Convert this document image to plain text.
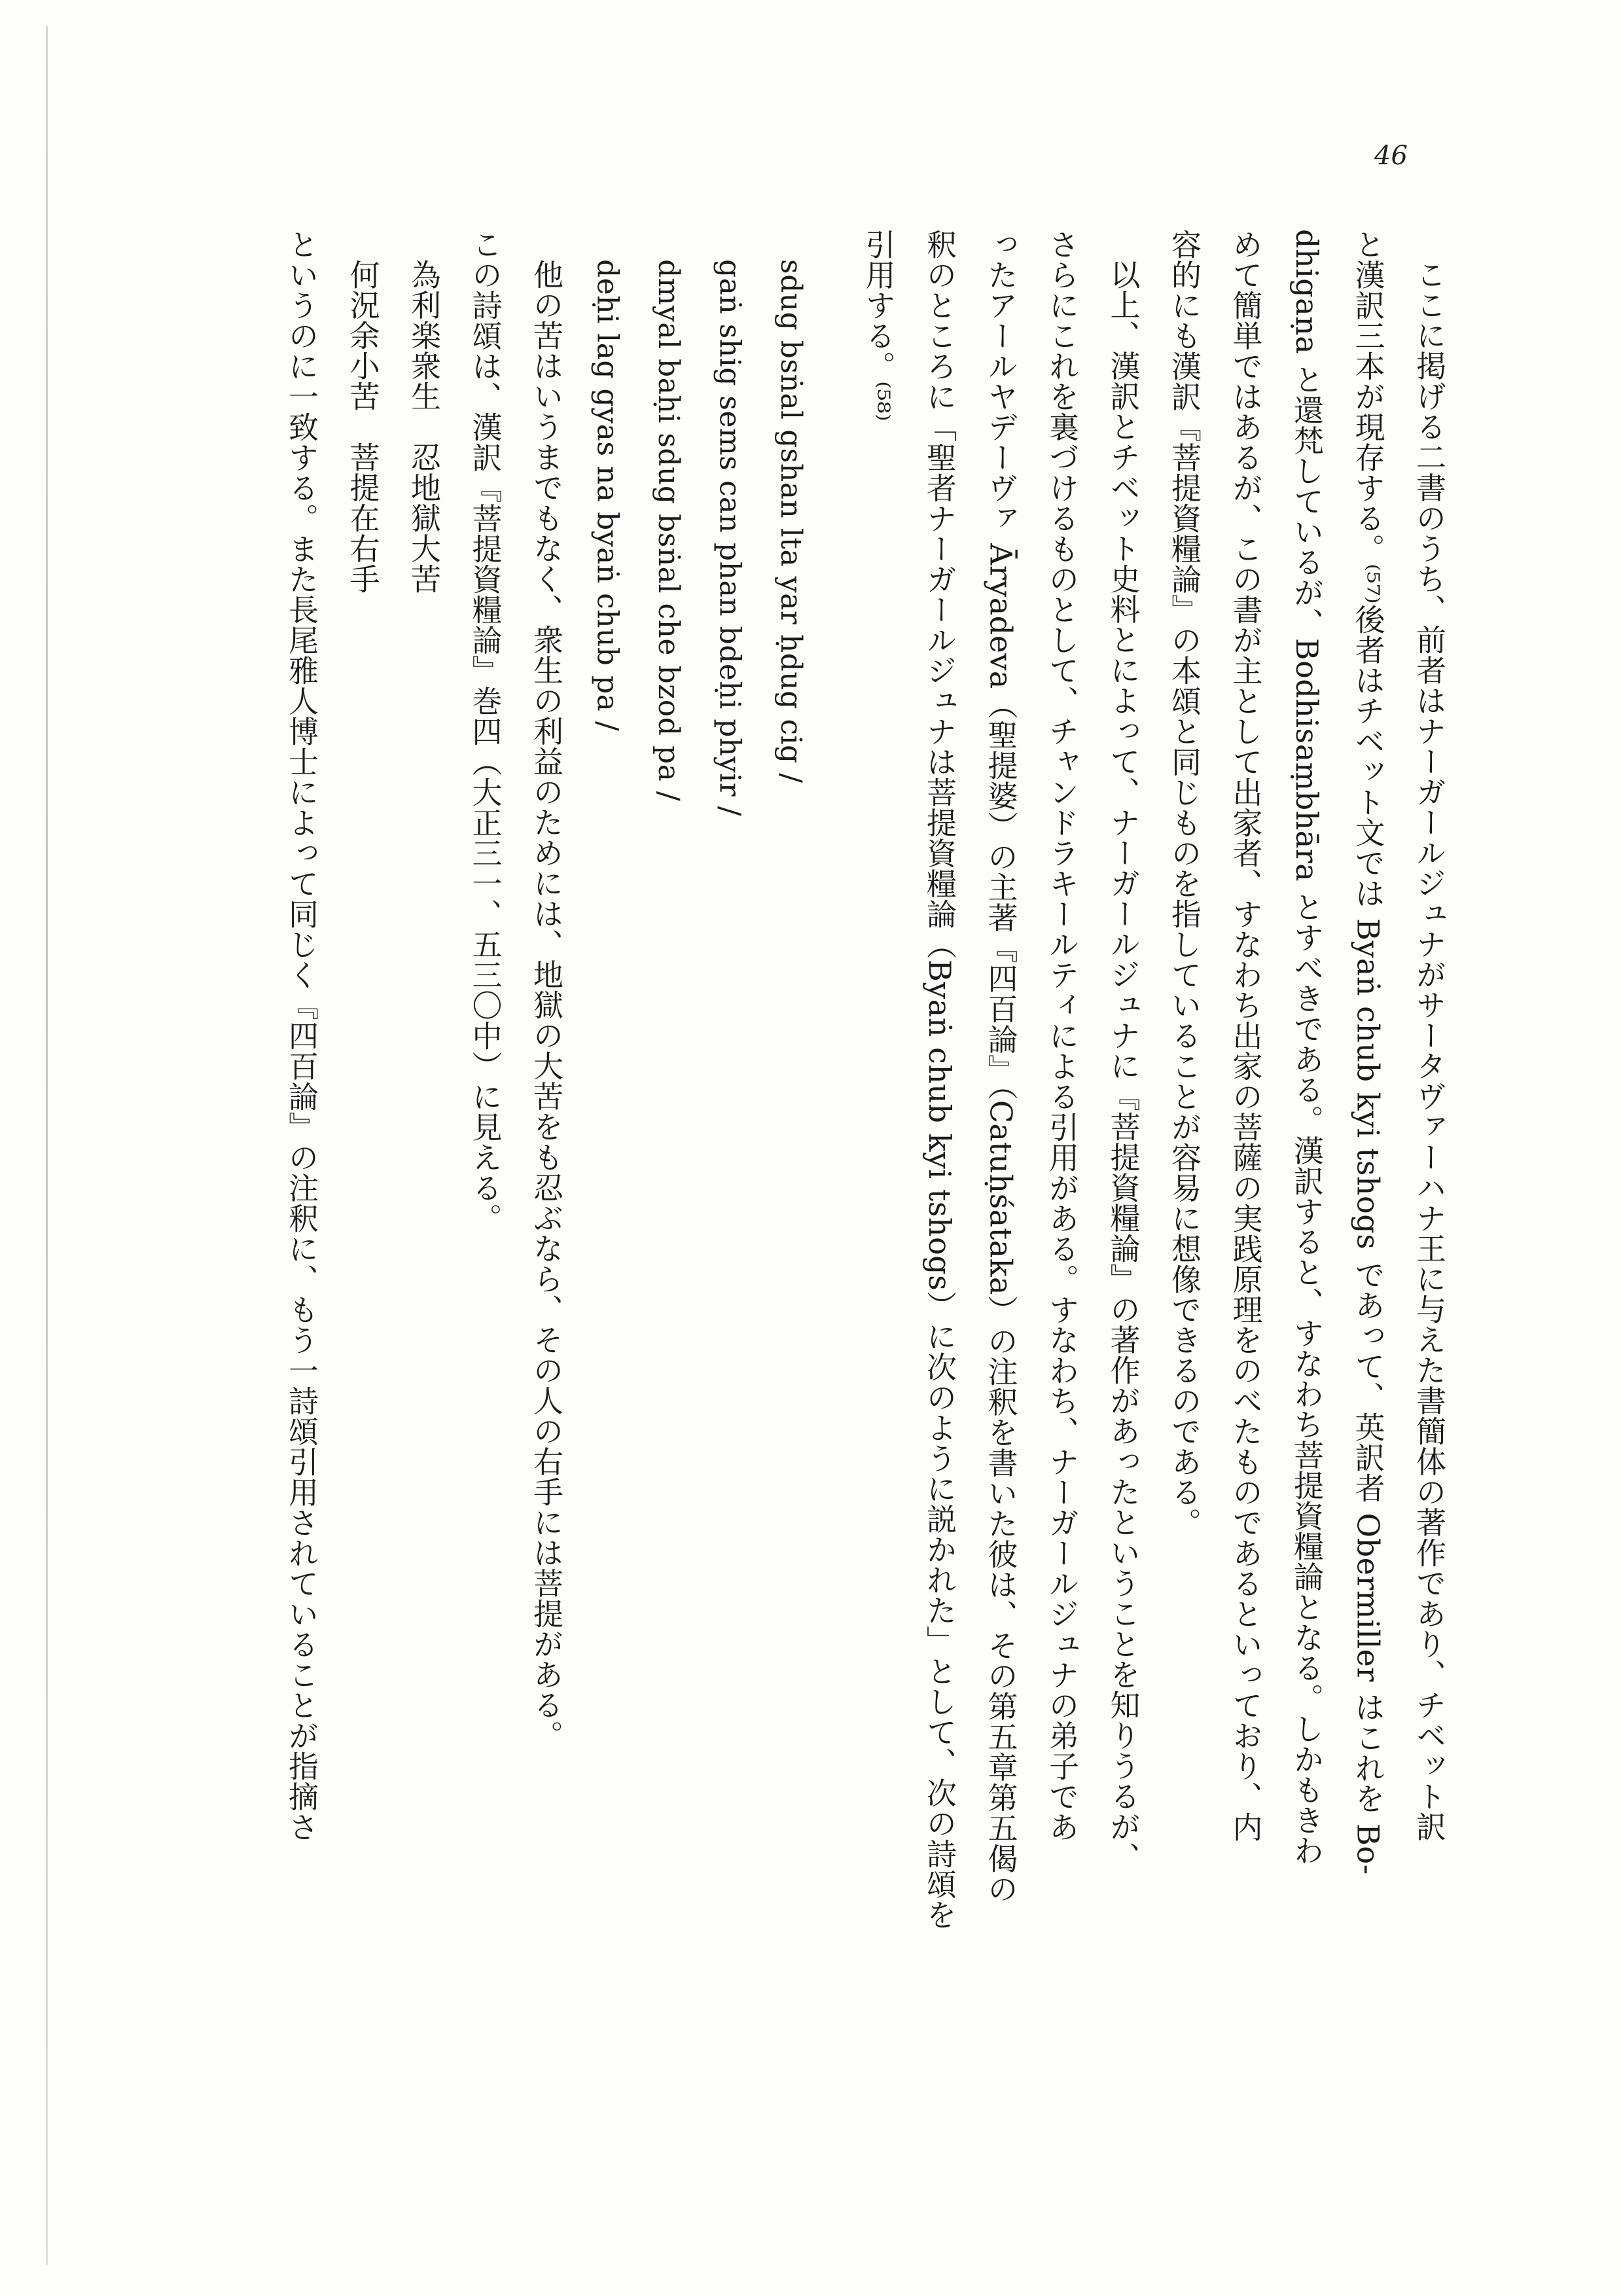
46
ここに掲げる二書のうち、前者はナーガールジュナがサータヴァーハナ王に与えた書簡体の著作であり、チベット訳
と漢訳三本が現存する。⁽⁵⁷⁾後者はチベット文では Byaṅ chub kyi tshogs であって、英訳者 Obermiller はこれを Bo-
dhigaṇa と還梵しているが、Bodhisaṃbhāra とすべきである。漢訳すると、すなわち菩提資糧論となる。しかもきわ
めて簡単ではあるが、この書が主として出家者、すなわち出家の菩薩の実践原理をのべたものであるといっており、内
容的にも漢訳『菩提資糧論』の本頌と同じものを指していることが容易に想像できるのである。
以上、漢訳とチベット史料とによって、ナーガールジュナに『菩提資糧論』の著作があったということを知りうるが、
さらにこれを裏づけるものとして、チャンドラキールティによる引用がある。すなわち、ナーガールジュナの弟子であ
ったアールヤデーヴァ Āryadeva（聖提婆）の主著『四百論』（Catuḥśataka）の注釈を書いた彼は、その第五章第五偈の
釈のところに「聖者ナーガールジュナは菩提資糧論（Byaṅ chub kyi tshogs）に次のように説かれた」として、次の詩頌を
引用する。⁽⁵⁸⁾
sdug bsṅal gshan lta yar ḥdug cig /
gaṅ shig sems can phan bdeḥi phyir /
dmyal baḥi sdug bsṅal che bzod pa /
deḥi lag gyas na byaṅ chub pa /
他の苦はいうまでもなく、衆生の利益のためには、地獄の大苦をも忍ぶなら、その人の右手には菩提がある。
この詩頌は、漢訳『菩提資糧論』巻四（大正三一、五三〇中）に見える。
為利楽衆生　忍地獄大苦
何況余小苦　菩提在右手
というのに一致する。また長尾雅人博士によって同じく『四百論』の注釈に、もう一詩頌引用されていることが指摘さ
